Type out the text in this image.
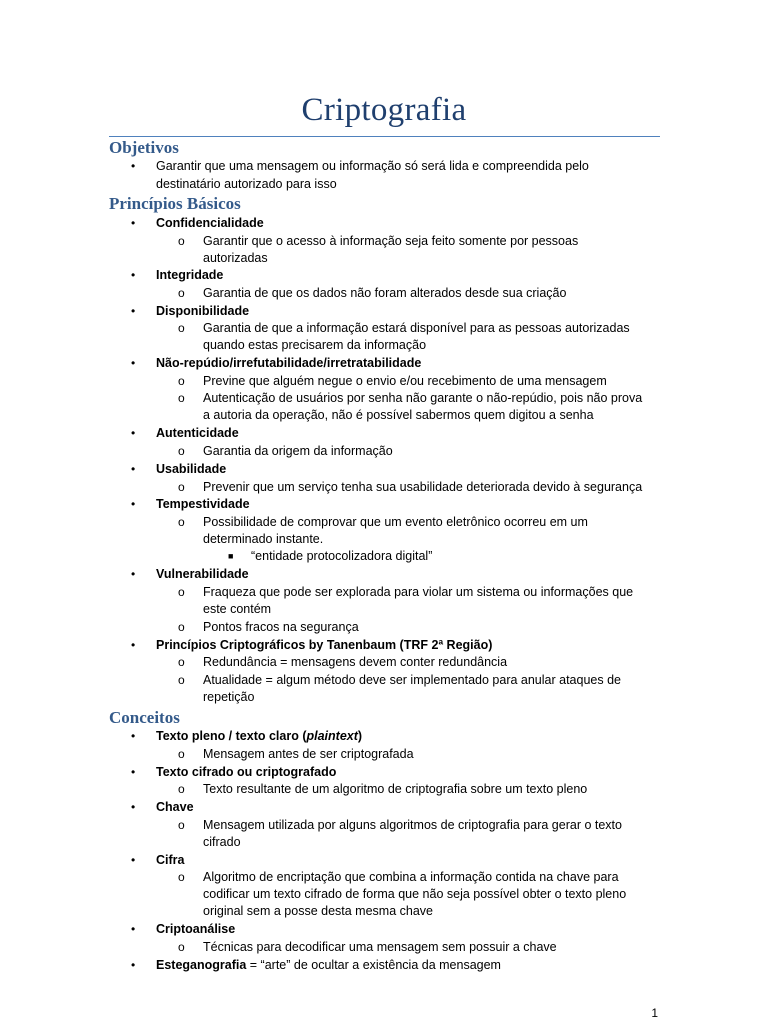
Criptografia
Objetivos
• Garantir que uma mensagem ou informação só será lida e compreendida pelo
destinatário autorizado para isso
Princípios Básicos
• Confidencialidade
o Garantir que o acesso à informação seja feito somente por pessoas
autorizadas
• Integridade
o Garantia de que os dados não foram alterados desde sua criação
• Disponibilidade
o Garantia de que a informação estará disponível para as pessoas autorizadas
quando estas precisarem da informação
• Não-repúdio/irrefutabilidade/irretratabilidade
o Previne que alguém negue o envio e/ou recebimento de uma mensagem
o Autenticação de usuários por senha não garante o não-repúdio, pois não prova
a autoria da operação, não é possível sabermos quem digitou a senha
• Autenticidade
o Garantia da origem da informação
• Usabilidade
o Prevenir que um serviço tenha sua usabilidade deteriorada devido à segurança
• Tempestividade
o Possibilidade de comprovar que um evento eletrônico ocorreu em um
determinado instante.
■ “entidade protocolizadora digital”
• Vulnerabilidade
o Fraqueza que pode ser explorada para violar um sistema ou informações que
este contém
o Pontos fracos na segurança
• Princípios Criptográficos by Tanenbaum (TRF 2ª Região)
o Redundância = mensagens devem conter redundância
o Atualidade = algum método deve ser implementado para anular ataques de
repetição
Conceitos
• Texto pleno / texto claro (plaintext)
o Mensagem antes de ser criptografada
• Texto cifrado ou criptografado
o Texto resultante de um algoritmo de criptografia sobre um texto pleno
• Chave
o Mensagem utilizada por alguns algoritmos de criptografia para gerar o texto
cifrado
• Cifra
o Algoritmo de encriptação que combina a informação contida na chave para
codificar um texto cifrado de forma que não seja possível obter o texto pleno
original sem a posse desta mesma chave
• Criptoanálise
o Técnicas para decodificar uma mensagem sem possuir a chave
• Esteganografia = “arte” de ocultar a existência da mensagem
1
